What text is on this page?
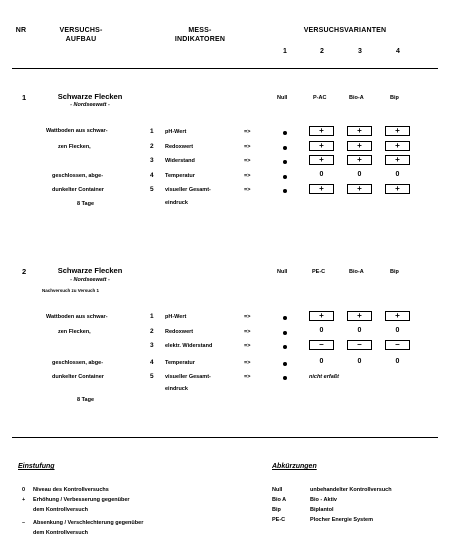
NR	VERSUCHS-
AUFBAU
MESS-
INDIKATOREN
VERSUCHSVARIANTEN
1	2	3	4
1	Schwarze Flecken
- Nordseewatt -
Null	P-AC	Bio-A	Bip
Wattboden aus schwar-
zen Flecken,
geschlossen, abge-
dunkelter Container
8 Tage
1 pH-Wert	=>	+	+	+
2 Redoxwert	=>	+	+	+
3 Widerstand	=>	+	+	+
4 Temperatur	=>	0	0	0
5 visueller Gesamt-
eindruck
=>	+	+	+
2	Schwarze Flecken
- Nordseewatt -
Nachversuch zu Versuch 1
Null	PE-C	Bio-A	Bip
Wattboden aus schwar-
zen Flecken,
geschlossen, abge-
dunkelter Container
8 Tage
1 pH-Wert	=>	+	+	+
2 Redoxwert	=>	0	0	0
3 elektr. Widerstand	=>	–	–	–
4 Temperatur	=>	0	0	0
5 visueller Gesamt-
eindruck
=>	nicht erfaßt
Einstufung
0 Niveau des Kontrollversuchs
+ Erhöhung / Verbesserung gegenüber
dem Kontrollversuch
– Absenkung / Verschlechterung gegenüber
dem Kontrollversuch
Abkürzungen
Null	unbehandelter Kontrollversuch
Bio A	Bio - Aktiv
Bip	Biplantol
PE-C	Plocher Energie System
